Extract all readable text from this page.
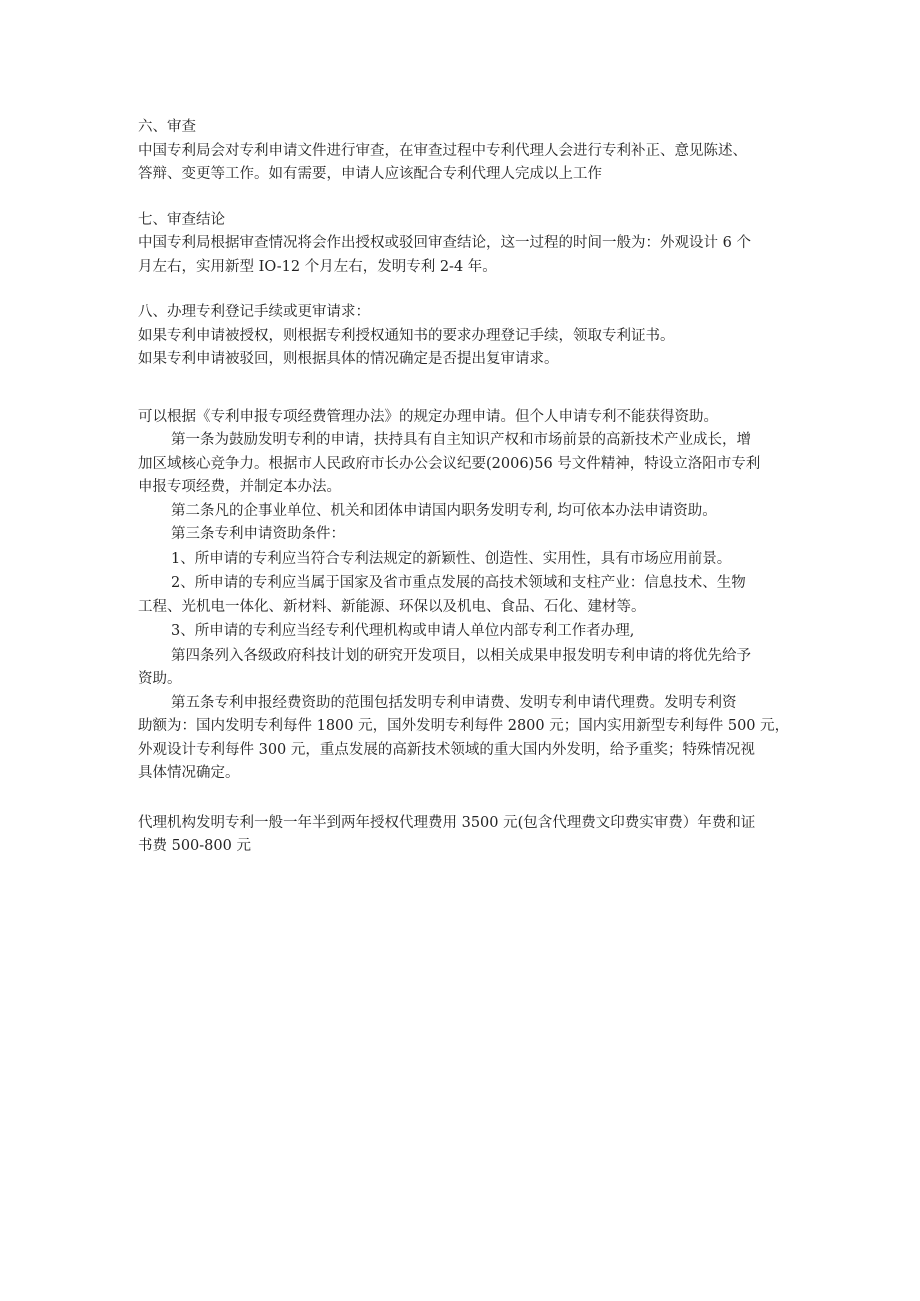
六、审查
中国专利局会对专利申请文件进行审查，在审查过程中专利代理人会进行专利补正、意见陈述、
答辩、变更等工作。如有需要，申请人应该配合专利代理人完成以上工作
七、审查结论
中国专利局根据审查情况将会作出授权或驳回审查结论，这一过程的时间一般为：外观设计 6 个
月左右，实用新型 IO-12 个月左右，发明专利 2-4 年。
八、办理专利登记手续或更审请求：
如果专利申请被授权，则根据专利授权通知书的要求办理登记手续，领取专利证书。
如果专利申请被驳回，则根据具体的情况确定是否提出复审请求。
可以根据《专利申报专项经费管理办法》的规定办理申请。但个人申请专利不能获得资助。
第一条为鼓励发明专利的申请，扶持具有自主知识产权和市场前景的高新技术产业成长，增
加区域核心竞争力。根据市人民政府市长办公会议纪要(2006)56 号文件精神，特设立洛阳市专利
申报专项经费，并制定本办法。
第二条凡的企事业单位、机关和团体申请国内职务发明专利, 均可依本办法申请资助。
第三条专利申请资助条件：
1、所申请的专利应当符合专利法规定的新颖性、创造性、实用性，具有市场应用前景。
2、所申请的专利应当属于国家及省市重点发展的高技术领域和支柱产业：信息技术、生物
工程、光机电一体化、新材料、新能源、环保以及机电、食品、石化、建材等。
3、所申请的专利应当经专利代理机构或申请人单位内部专利工作者办理,
第四条列入各级政府科技计划的研究开发项目，以相关成果申报发明专利申请的将优先给予
资助。
第五条专利申报经费资助的范围包括发明专利申请费、发明专利申请代理费。发明专利资
助额为：国内发明专利每件 1800 元，国外发明专利每件 2800 元；国内实用新型专利每件 500 元，
外观设计专利每件 300 元，重点发展的高新技术领域的重大国内外发明，给予重奖；特殊情况视
具体情况确定。
代理机构发明专利一般一年半到两年授权代理费用 3500 元(包含代理费文印费实审费）年费和证
书费 500-800 元
